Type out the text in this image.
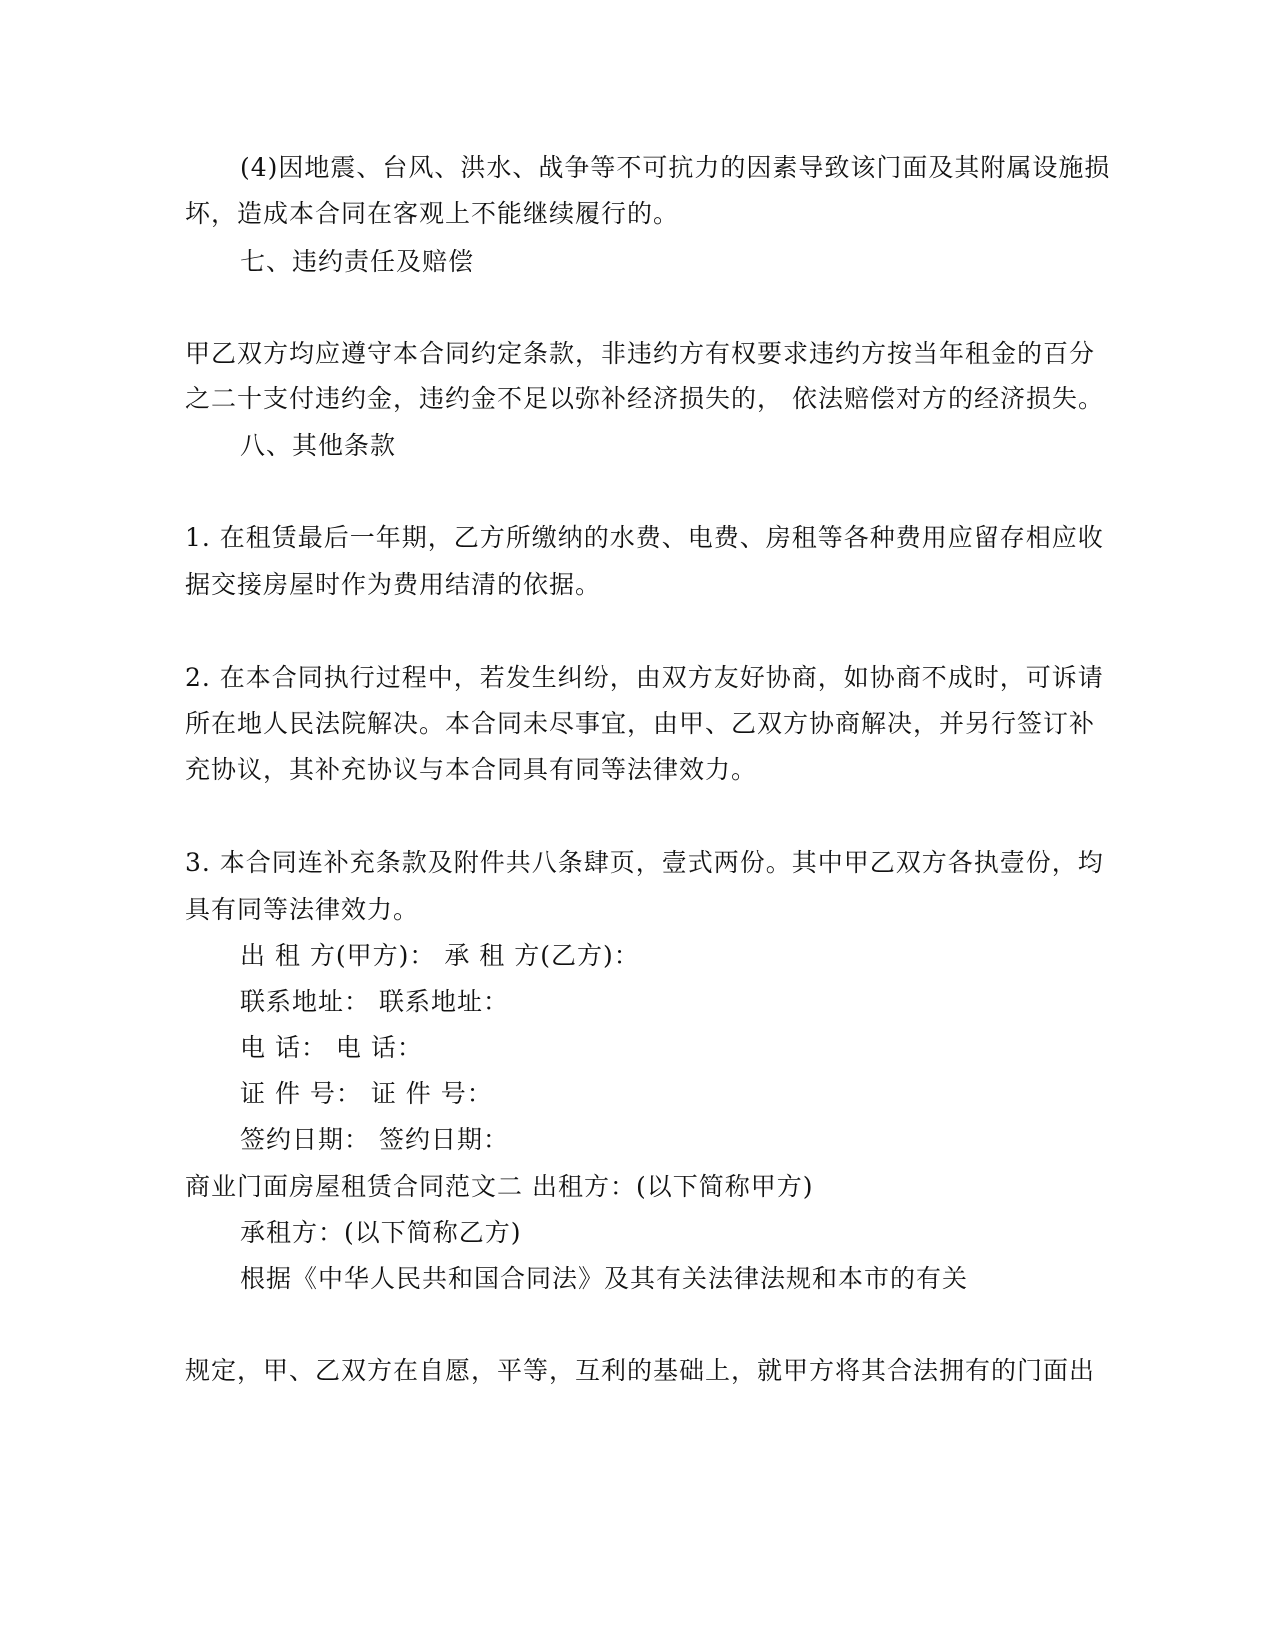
(4)因地震、台风、洪水、战争等不可抗力的因素导致该门面及其附属设施损
坏，造成本合同在客观上不能继续履行的。
七、违约责任及赔偿
甲乙双方均应遵守本合同约定条款，非违约方有权要求违约方按当年租金的百分
之二十支付违约金，违约金不足以弥补经济损失的， 依法赔偿对方的经济损失。
八、其他条款
1. 在租赁最后一年期，乙方所缴纳的水费、电费、房租等各种费用应留存相应收
据交接房屋时作为费用结清的依据。
2. 在本合同执行过程中，若发生纠纷，由双方友好协商，如协商不成时，可诉请
所在地人民法院解决。本合同未尽事宜，由甲、乙双方协商解决，并另行签订补
充协议，其补充协议与本合同具有同等法律效力。
3. 本合同连补充条款及附件共八条肆页，壹式两份。其中甲乙双方各执壹份，均
具有同等法律效力。
出 租 方(甲方)： 承 租 方(乙方)：
联系地址： 联系地址：
电 话： 电 话：
证 件 号： 证 件 号：
签约日期： 签约日期：
商业门面房屋租赁合同范文二 出租方：(以下简称甲方)
承租方：(以下简称乙方)
根据《中华人民共和国合同法》及其有关法律法规和本市的有关
规定，甲、乙双方在自愿，平等，互利的基础上，就甲方将其合法拥有的门面出
